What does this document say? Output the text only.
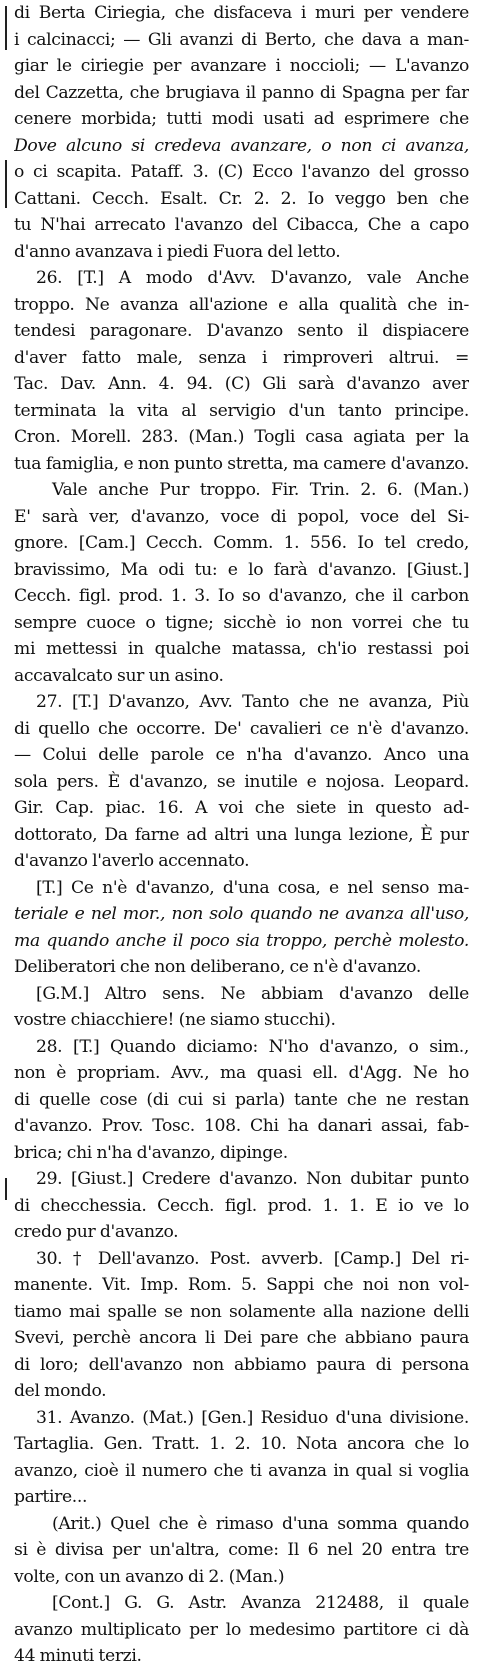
di Berta Ciriegia, che disfaceva i muri per vendere
i calcinacci; — Gli avanzi di Berto, che dava a man-
giar le ciriegie per avanzare i noccioli; — L'avanzo
del Cazzetta, che brugiava il panno di Spagna per far
cenere morbida; tutti modi usati ad esprimere che
Dove alcuno si credeva avanzare, o non ci avanza,
o ci scapita. Pataff. 3. (C) Ecco l'avanzo del grosso
Cattani. Cecch. Esalt. Cr. 2. 2. Io veggo ben che
tu N'hai arrecato l'avanzo del Cibacca, Che a capo
d'anno avanzava i piedi Fuora del letto.

26. [T.] A modo d'Avv. D'avanzo, vale Anche
troppo. Ne avanza all'azione e alla qualità che in-
tendesi paragonare. D'avanzo sento il dispiacere
d'aver fatto male, senza i rimproveri altrui. =
Tac. Dav. Ann. 4. 94. (C) Gli sarà d'avanzo aver
terminata la vita al servigio d'un tanto principe.
Cron. Morell. 283. (Man.) Togli casa agiata per la
tua famiglia, e non punto stretta, ma camere d'avanzo.
Vale anche Pur troppo. Fir. Trin. 2. 6. (Man.)
E' sarà ver, d'avanzo, voce di popol, voce del Si-
gnore. [Cam.] Cecch. Comm. 1. 556. Io tel credo,
bravissimo, Ma odi tu: e lo farà d'avanzo. [Giust.]
Cecch. figl. prod. 1. 3. Io so d'avanzo, che il carbon
sempre cuoce o tigne; sicchè io non vorrei che tu
mi mettessi in qualche matassa, ch'io restassi poi
accavalcato sur un asino.

27. [T.] D'avanzo, Avv. Tanto che ne avanza, Più
di quello che occorre. De' cavalieri ce n'è d'avanzo.
— Colui delle parole ce n'ha d'avanzo. Anco una
sola pers. È d'avanzo, se inutile e nojosa. Leopard.
Gir. Cap. piac. 16. A voi che siete in questo ad-
dottorato, Da farne ad altri una lunga lezione, È pur
d'avanzo l'averlo accennato.

[T.] Ce n'è d'avanzo, d'una cosa, e nel senso ma-
teriale e nel mor., non solo quando ne avanza all'uso,
ma quando anche il poco sia troppo, perchè molesto.
Deliberatori che non deliberano, ce n'è d'avanzo.

[G.M.] Altro sens. Ne abbiam d'avanzo delle
vostre chiacchiere! (ne siamo stucchi).

28. [T.] Quando diciamo: N'ho d'avanzo, o sim.,
non è propriam. Avv., ma quasi ell. d'Agg. Ne ho
di quelle cose (di cui si parla) tante che ne restan
d'avanzo. Prov. Tosc. 108. Chi ha danari assai, fab-
brica; chi n'ha d'avanzo, dipinge.

29. [Giust.] Credere d'avanzo. Non dubitar punto
di checchessia. Cecch. figl. prod. 1. 1. E io ve lo
credo pur d'avanzo.

30. † Dell'avanzo. Post. avverb. [Camp.] Del ri-
manente. Vit. Imp. Rom. 5. Sappi che noi non vol-
tiamo mai spalle se non solamente alla nazione delli
Svevi, perchè ancora li Dei pare che abbiano paura
di loro; dell'avanzo non abbiamo paura di persona
del mondo.

31. Avanzo. (Mat.) [Gen.] Residuo d'una divisione.
Tartaglia. Gen. Tratt. 1. 2. 10. Nota ancora che lo
avanzo, cioè il numero che ti avanza in qual si voglia
partire...

(Arit.) Quel che è rimaso d'una somma quando
si è divisa per un'altra, come: Il 6 nel 20 entra tre
volte, con un avanzo di 2. (Man.)

[Cont.] G. G. Astr. Avanza 212488, il quale
avanzo multiplicato per lo medesimo partitore ci dà
44 minuti terzi.
